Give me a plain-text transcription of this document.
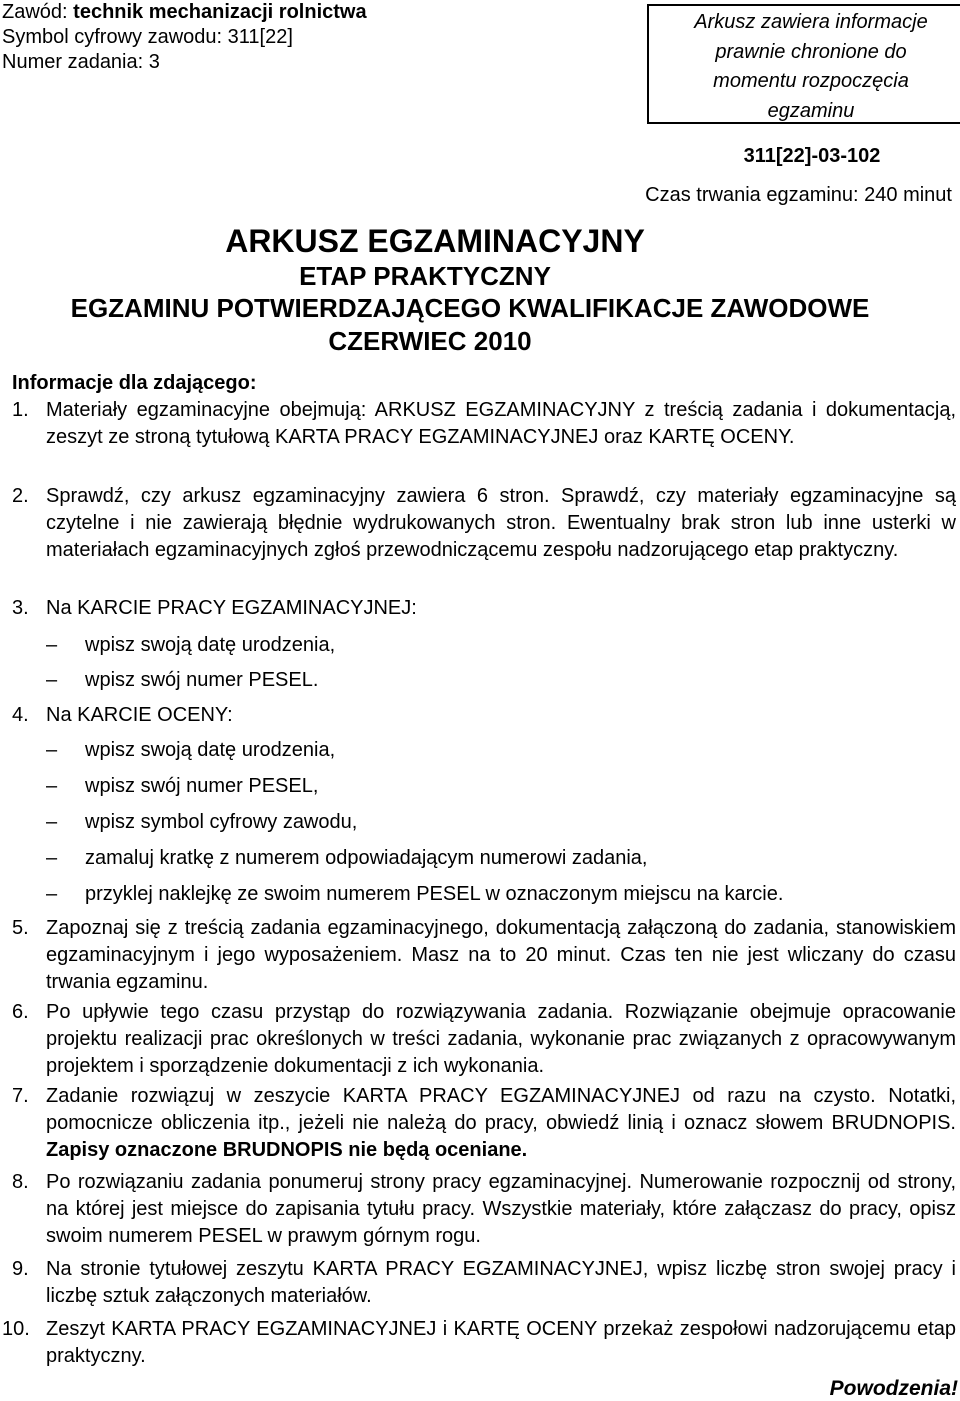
Zawód: technik mechanizacji rolnictwa
Symbol cyfrowy zawodu: 311[22]
Numer zadania: 3
Arkusz zawiera informacje
prawnie chronione do
momentu rozpoczęcia
egzaminu
311[22]-03-102
Czas trwania egzaminu: 240 minut
ARKUSZ EGZAMINACYJNY
ETAP PRAKTYCZNY
EGZAMINU POTWIERDZAJĄCEGO KWALIFIKACJE ZAWODOWE
CZERWIEC 2010
Informacje dla zdającego:
1. Materiały egzaminacyjne obejmują: ARKUSZ EGZAMINACYJNY z treścią zadania i dokumentacją, zeszyt ze stroną tytułową KARTA PRACY EGZAMINACYJNEJ oraz KARTĘ OCENY.
2. Sprawdź, czy arkusz egzaminacyjny zawiera 6 stron. Sprawdź, czy materiały egzaminacyjne są czytelne i nie zawierają błędnie wydrukowanych stron. Ewentualny brak stron lub inne usterki w materiałach egzaminacyjnych zgłoś przewodniczącemu zespołu nadzorującego etap praktyczny.
3. Na KARCIE PRACY EGZAMINACYJNEJ:
– wpisz swoją datę urodzenia,
– wpisz swój numer PESEL.
4. Na KARCIE OCENY:
– wpisz swoją datę urodzenia,
– wpisz swój numer PESEL,
– wpisz symbol cyfrowy zawodu,
– zamaluj kratkę z numerem odpowiadającym numerowi zadania,
– przyklej naklejkę ze swoim numerem PESEL w oznaczonym miejscu na karcie.
5. Zapoznaj się z treścią zadania egzaminacyjnego, dokumentacją załączoną do zadania, stanowiskiem egzaminacyjnym i jego wyposażeniem. Masz na to 20 minut. Czas ten nie jest wliczany do czasu trwania egzaminu.
6. Po upływie tego czasu przystąp do rozwiązywania zadania. Rozwiązanie obejmuje opracowanie projektu realizacji prac określonych w treści zadania, wykonanie prac związanych z opracowywanym projektem i sporządzenie dokumentacji z ich wykonania.
7. Zadanie rozwiązuj w zeszycie KARTA PRACY EGZAMINACYJNEJ od razu na czysto. Notatki, pomocnicze obliczenia itp., jeżeli nie należą do pracy, obwiedź linią i oznacz słowem BRUDNOPIS. Zapisy oznaczone BRUDNOPIS nie będą oceniane.
8. Po rozwiązaniu zadania ponumeruj strony pracy egzaminacyjnej. Numerowanie rozpocznij od strony, na której jest miejsce do zapisania tytułu pracy. Wszystkie materiały, które załączasz do pracy, opisz swoim numerem PESEL w prawym górnym rogu.
9. Na stronie tytułowej zeszytu KARTA PRACY EGZAMINACYJNEJ, wpisz liczbę stron swojej pracy i liczbę sztuk załączonych materiałów.
10. Zeszyt KARTA PRACY EGZAMINACYJNEJ i KARTĘ OCENY przekaż zespołowi nadzorującemu etap praktyczny.
Powodzenia!
